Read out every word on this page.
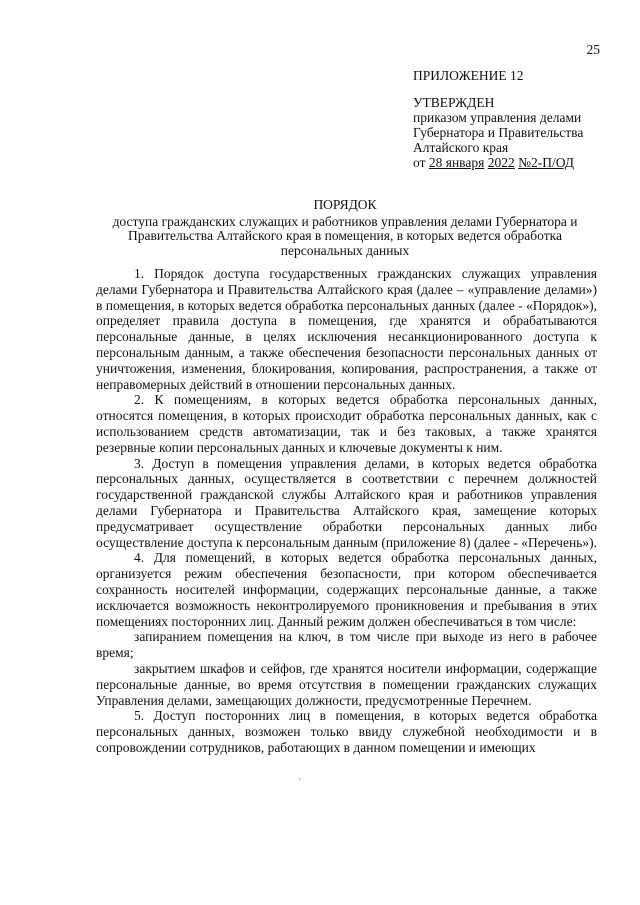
25
ПРИЛОЖЕНИЕ 12
УТВЕРЖДЕН
приказом управления делами
Губернатора и Правительства
Алтайского края
от 28 января 2022 №2-П/ОД
ПОРЯДОК
доступа гражданских служащих и работников управления делами Губернатора и Правительства Алтайского края в помещения, в которых ведется обработка персональных данных

1. Порядок доступа государственных гражданских служащих управления делами Губернатора и Правительства Алтайского края (далее – «управление делами») в помещения, в которых ведется обработка персональных данных (далее - «Порядок»), определяет правила доступа в помещения, где хранятся и обрабатываются персональные данные, в целях исключения несанкционированного доступа к персональным данным, а также обеспечения безопасности персональных данных от уничтожения, изменения, блокирования, копирования, распространения, а также от неправомерных действий в отношении персональных данных.

2. К помещениям, в которых ведется обработка персональных данных, относятся помещения, в которых происходит обработка персональных данных, как с использованием средств автоматизации, так и без таковых, а также хранятся резервные копии персональных данных и ключевые документы к ним.

3. Доступ в помещения управления делами, в которых ведется обработка персональных данных, осуществляется в соответствии с перечнем должностей государственной гражданской службы Алтайского края и работников управления делами Губернатора и Правительства Алтайского края, замещение которых предусматривает осуществление обработки персональных данных либо осуществление доступа к персональным данным (приложение 8) (далее - «Перечень»).

4. Для помещений, в которых ведется обработка персональных данных, организуется режим обеспечения безопасности, при котором обеспечивается сохранность носителей информации, содержащих персональные данные, а также исключается возможность неконтролируемого проникновения и пребывания в этих помещениях посторонних лиц. Данный режим должен обеспечиваться в том числе:

запиранием помещения на ключ, в том числе при выходе из него в рабочее время;

закрытием шкафов и сейфов, где хранятся носители информации, содержащие персональные данные, во время отсутствия в помещении гражданских служащих Управления делами, замещающих должности, предусмотренные Перечнем.

5. Доступ посторонних лиц в помещения, в которых ведется обработка персональных данных, возможен только ввиду служебной необходимости и в сопровождении сотрудников, работающих в данном помещении и имеющих

`
